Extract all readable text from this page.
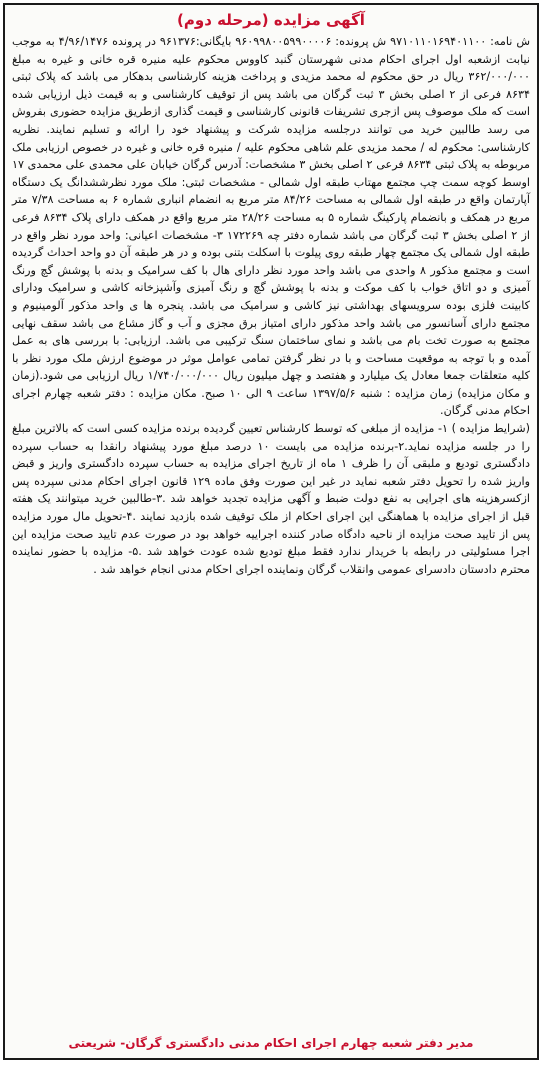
آگهی مزایده (مرحله دوم)

ش نامه: ۹۷۱۰۱۱۰۱۶۹۴۰۱۱۰۰ ش پرونده: ۹۶۰۹۹۸۰۰۵۹۹۰۰۰۰۶ بایگانی:۹۶۱۳۷۶ در پرونده ۴/۹۶/۱۴۷۶ به موجب نیابت ازشعبه اول اجرای احکام مدنی شهرستان گنبد کاووس محکوم علیه منیره قره خانی و غیره به مبلغ ۳۶۲/۰۰۰/۰۰۰ ریال در حق محکوم له محمد مزیدی و پرداخت هزینه کارشناسی بدهکار می باشد که پلاک ثبتی ۸۶۳۴ فرعی از ۲ اصلی بخش ۳ ثبت گرگان می باشد پس از توقیف کارشناسی و به قیمت ذیل ارزیابی شده است که ملک موصوف پس ازجری تشریفات قانونی کارشناسی و قیمت گذاری ازطریق مزایده حضوری بفروش می رسد طالبین خرید می توانند درجلسه مزایده شرکت و پیشنهاد خود را ارائه و تسلیم نمایند. نظریه کارشناسی: محکوم له / محمد مزیدی علم شاهی محکوم علیه / منیره قره خانی و غیره در خصوص ارزیابی ملک مربوطه به پلاک ثبتی ۸۶۳۴ فرعی ۲ اصلی بخش ۳ مشخصات: آدرس گرگان خیابان علی محمدی علی محمدی ۱۷ اوسط کوچه سمت چپ مجتمع مهتاب طبقه اول شمالی - مشخصات ثبتی: ملک مورد نظرششدانگ یک دستگاه آپارتمان واقع در طبقه اول شمالی به مساحت ۸۴/۲۶ متر مربع به انضمام انباری شماره ۶ به مساحت ۷/۳۸ متر مربع در همکف و بانضمام پارکینگ شماره ۵ به مساحت ۲۸/۲۶ متر مربع واقع در همکف دارای پلاک ۸۶۳۴ فرعی از ۲ اصلی بخش ۳ ثبت گرگان می باشد شماره دفتر چه ۱۷۲۲۶۹ ۳- مشخصات اعیانی: واحد مورد نظر واقع در طبقه اول شمالی یک مجتمع چهار طبقه روی پیلوت با اسکلت بتنی بوده و در هر طبقه آن دو واحد احداث گردیده است و مجتمع مذکور ۸ واحدی می باشد واحد مورد نظر دارای هال با کف سرامیک و بدنه با پوشش گچ ورنگ آمیزی و دو اتاق خواب با کف موکت و بدنه با پوشش گچ و رنگ آمیزی وآشپزخانه کاشی و سرامیک ودارای کابینت فلزی بوده سرویسهای بهداشتی نیز کاشی و سرامیک می باشد. پنجره ها ی واحد مذکور آلومینیوم و مجتمع دارای آسانسور می باشد واحد مذکور دارای امتیاز برق مجزی و آب و گاز مشاع می باشد سقف نهایی مجتمع به صورت تخت بام می باشد و نمای ساختمان سنگ ترکیبی می باشد. ارزیابی: با بررسی های به عمل آمده و با توجه به موقعیت مساحت و با در نظر گرفتن تمامی عوامل موثر در موضوع ارزش ملک مورد نظر با کلیه متعلقات جمعا معادل یک میلیارد و هفتصد و چهل میلیون ریال ۱/۷۴۰/۰۰۰/۰۰۰ ریال ارزیابی می شود.(زمان و مکان مزایده) زمان مزایده : شنبه ۱۳۹۷/۵/۶ ساعت ۹ الی ۱۰ صبح. مکان مزایده : دفتر شعبه چهارم اجرای احکام مدنی گرگان.

(شرایط مزایده ) ۱- مزایده از مبلغی که توسط کارشناس تعیین گردیده برنده مزایده کسی است که بالاترین مبلغ را در جلسه مزایده نماید.۲-برنده مزایده می بایست ۱۰ درصد مبلغ مورد پیشنهاد رانقدا به حساب سپرده دادگستری تودیع و ملبقی آن را ظرف ۱ ماه از تاریخ اجرای مزایده به حساب سپرده دادگستری واریز و قبض واریز شده را تحویل دفتر شعبه نماید در غیر این صورت وفق ماده ۱۲۹ قانون اجرای احکام مدنی سپرده پس ازکسرهزینه های اجرایی به نفع دولت ضبط و آگهی مزایده تجدید خواهد شد .۳-طالبین خرید میتوانند یک هفته قبل از اجرای مزایده با هماهنگی این اجرای احکام از ملک توقیف شده بازدید نمایند .۴-تحویل مال مورد مزایده پس از تایید صحت مزایده از ناحیه دادگاه صادر کننده اجراییه خواهد بود در صورت عدم تایید صحت مزایده این اجرا مسئولیتی در رابطه با خریدار ندارد فقط مبلغ تودیع شده عودت خواهد شد .۵- مزایده با حضور نماینده محترم دادستان دادسرای عمومی وانقلاب گرگان ونماینده اجرای احکام مدنی انجام خواهد شد .

مدیر دفتر شعبه چهارم اجرای احکام مدنی دادگستری گرگان- شریعتی
